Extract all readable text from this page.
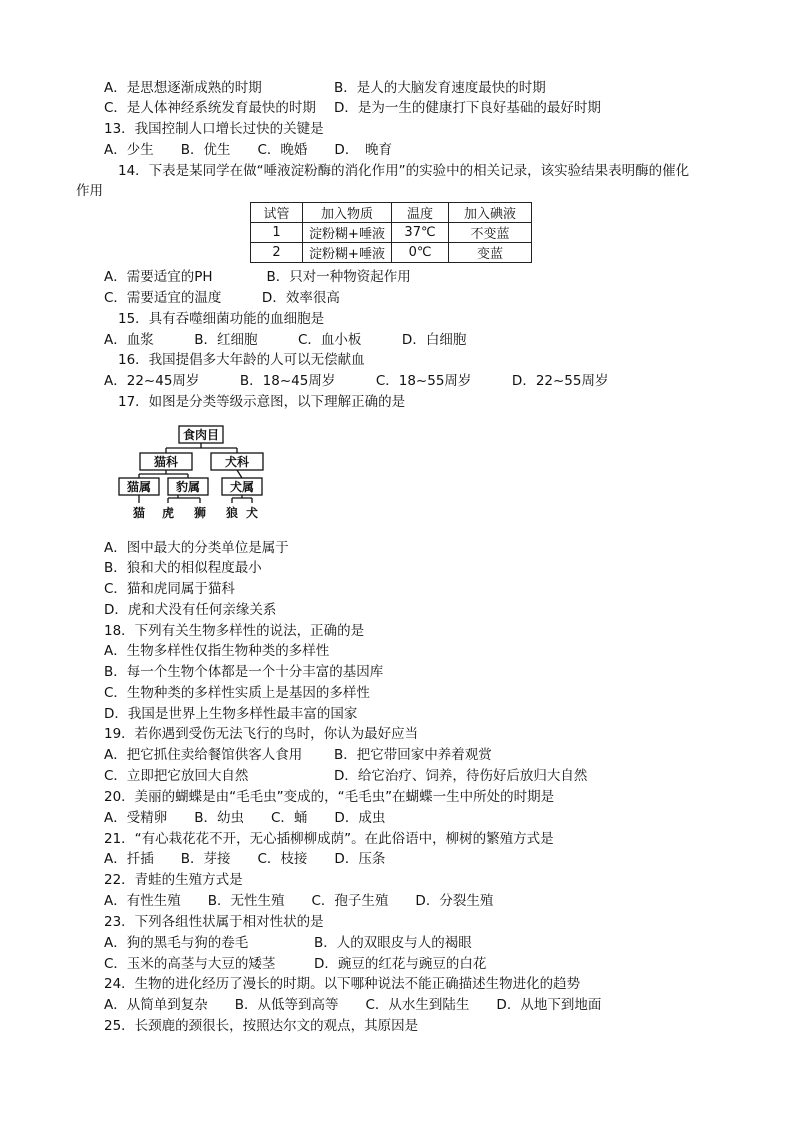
A．是思想逐渐成熟的时期	B．是人的大脑发育速度最快的时期
C．是人体神经系统发育最快的时期 D．是为一生的健康打下良好基础的最好时期
13．我国控制人口增长过快的关键是
A．少生　　B．优生　　C．晚婚　　D．　晚育
14．下表是某同学在做“唾液淀粉酶的消化作用”的实验中的相关记录，该实验结果表明酶的催化
作用
试管	加入物质	温度	加入碘液
1	淀粉糊+唾液	37℃	不变蓝
2	淀粉糊+唾液	0℃	变蓝
A．需要适宜的PH　　　　B．只对一种物资起作用
C．需要适宜的温度　　　D．效率很高
15．具有吞噬细菌功能的血细胞是
A．血浆　　　B．红细胞　　　C．血小板　　　D．白细胞
16．我国提倡多大年龄的人可以无偿献血
A．22~45周岁　　　B．18~45周岁　　　C．18~55周岁　　　D．22~55周岁
17．如图是分类等级示意图，以下理解正确的是
食肉目
猫科	犬科
猫属 豹属 犬属
猫 虎 狮 狼 犬
A．图中最大的分类单位是属于
B．狼和犬的相似程度最小
C．猫和虎同属于猫科
D．虎和犬没有任何亲缘关系
18．下列有关生物多样性的说法，正确的是
A．生物多样性仅指生物种类的多样性
B．每一个生物个体都是一个十分丰富的基因库
C．生物种类的多样性实质上是基因的多样性
D．我国是世界上生物多样性最丰富的国家
19．若你遇到受伤无法飞行的鸟时，你认为最好应当
A．把它抓住卖给餐馆供客人食用 B．把它带回家中养着观赏
C．立即把它放回大自然	D．给它治疗、饲养，待伤好后放归大自然
20．美丽的蝴蝶是由“毛毛虫”变成的，“毛毛虫”在蝴蝶一生中所处的时期是
A．受精卵　　B．幼虫　　C．蛹　　D．成虫
21．“有心栽花花不开，无心插柳柳成荫”。在此俗语中，柳树的繁殖方式是
A．扦插　　B．芽接　　C．枝接　　D．压条
22．青蛙的生殖方式是
A．有性生殖　　B．无性生殖　　C．孢子生殖　　D．分裂生殖
23．下列各组性状属于相对性状的是
A．狗的黑毛与狗的卷毛	B．人的双眼皮与人的褐眼
C．玉米的高茎与大豆的矮茎	D．豌豆的红花与豌豆的白花
24．生物的进化经历了漫长的时期。以下哪种说法不能正确描述生物进化的趋势
A．从简单到复杂　　B．从低等到高等　　C．从水生到陆生　　D．从地下到地面
25．长颈鹿的颈很长，按照达尔文的观点，其原因是
